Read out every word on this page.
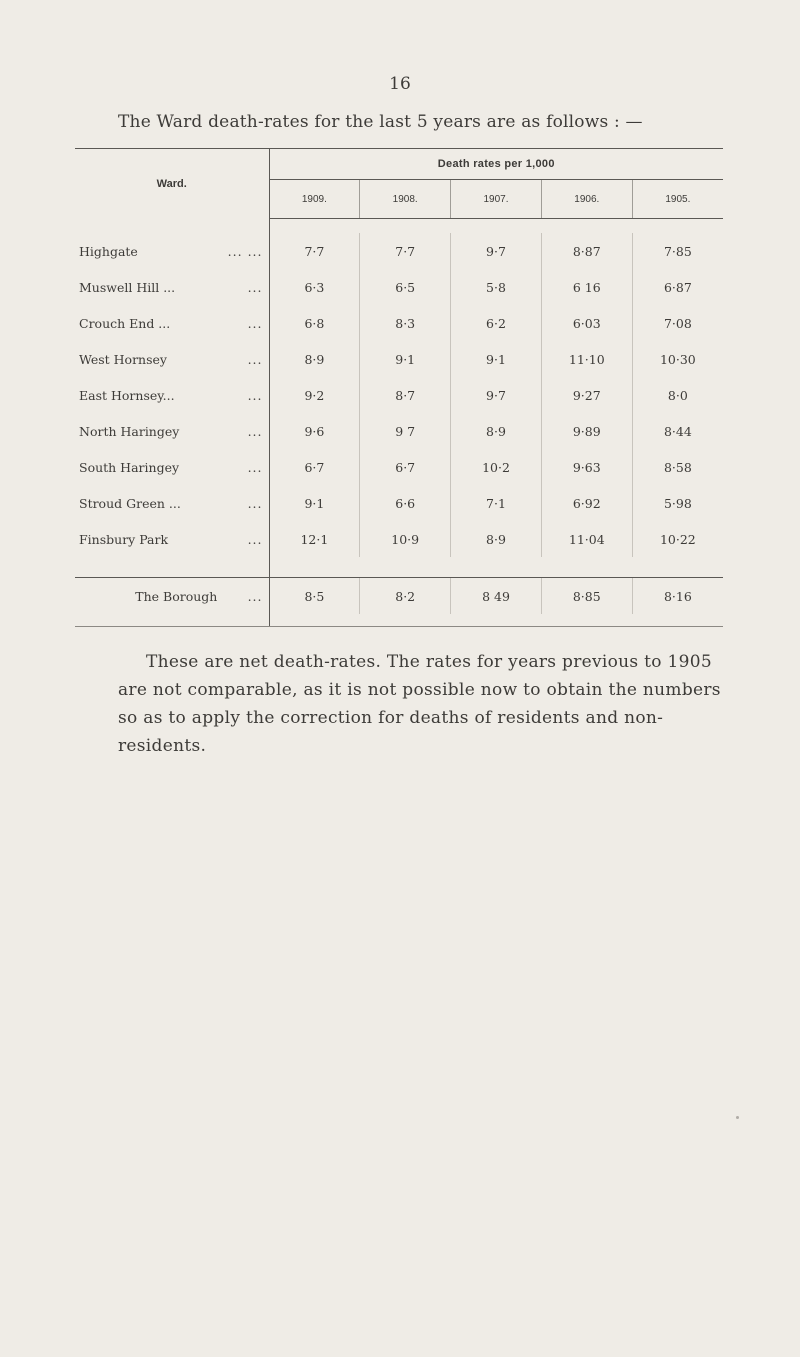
16
The Ward death-rates for the last 5 years are as follows : —
Ward.	Death rates per 1,000				
	1909.	1908.	1907.	1906.	1905.

Highgate ... ...	7·7	7·7	9·7	8·87	7·85
Muswell Hill ... ...	6·3	6·5	5·8	6 16	6·87
Crouch End ... ...	6·8	8·3	6·2	6·03	7·08
West Hornsey ...	8·9	9·1	9·1	11·10	10·30
East Hornsey... ...	9·2	8·7	9·7	9·27	8·0
North Haringey ...	9·6	9 7	8·9	9·89	8·44
South Haringey ...	6·7	6·7	10·2	9·63	8·58
Stroud Green ... ...	9·1	6·6	7·1	6·92	5·98
Finsbury Park ...	12·1	10·9	8·9	11·04	10·22

The Borough ...	8·5	8·2	8 49	8·85	8·16

These are net death-rates. The rates for years previous to 1905 are not comparable, as it is not possible now to obtain the numbers so as to apply the correction for deaths of residents and non-residents.
